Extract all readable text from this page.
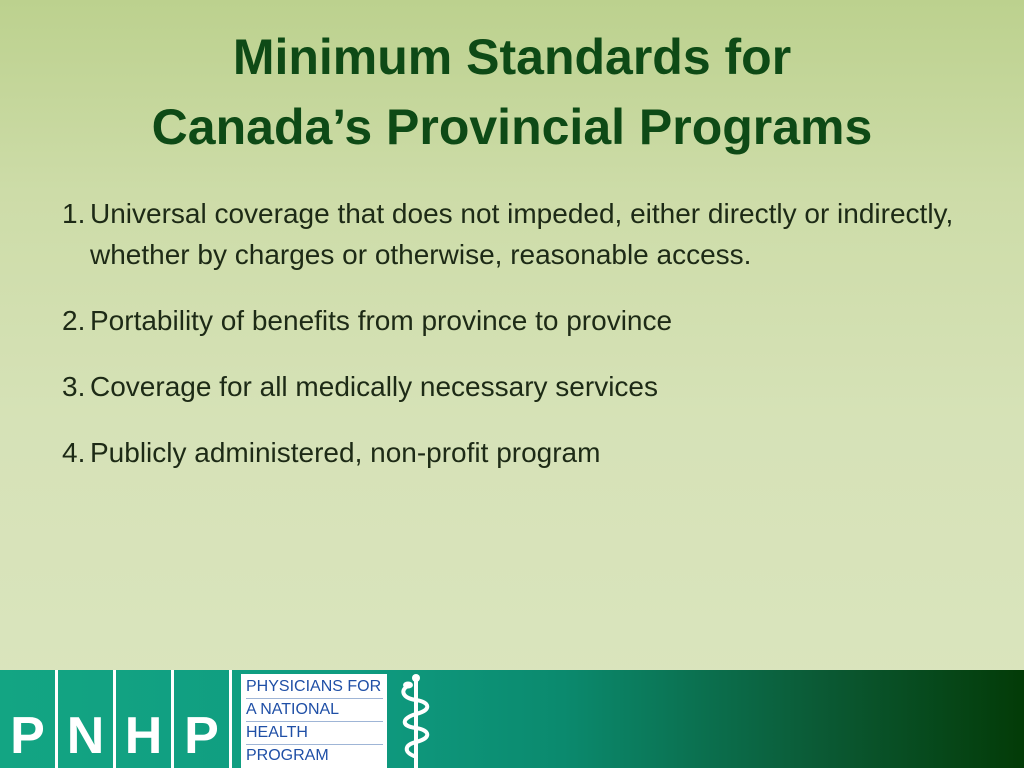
Minimum Standards for
Canada’s Provincial Programs
1. Universal coverage that does not impeded, either directly or indirectly, whether by charges or otherwise, reasonable access.
2. Portability of benefits from province to province
3. Coverage for all medically necessary services
4. Publicly administered, non-profit program
P N H P
PHYSICIANS FOR
A NATIONAL
HEALTH
PROGRAM
